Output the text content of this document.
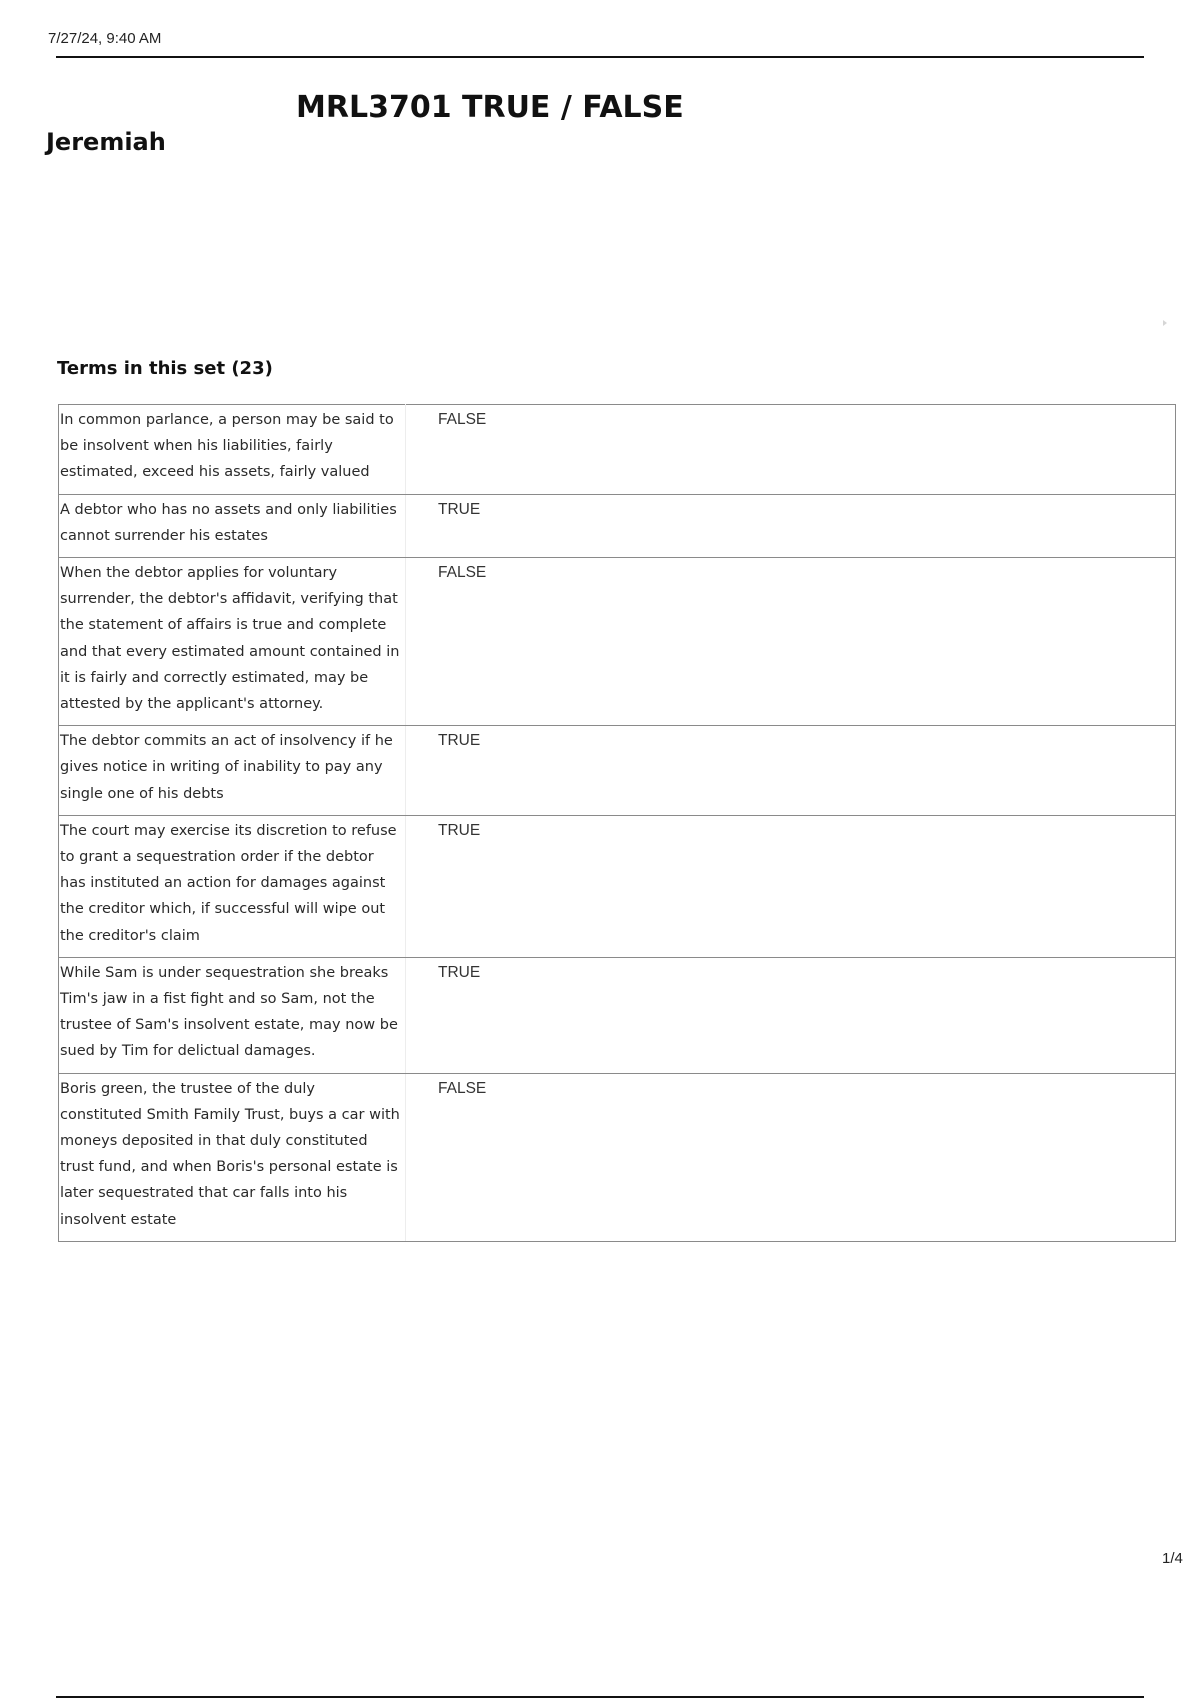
7/27/24, 9:40 AM
MRL3701 TRUE / FALSE
Jeremiah
Terms in this set (23)
In common parlance, a person may be said to be insolvent when his liabilities, fairly estimated, exceed his assets, fairly valued	FALSE

A debtor who has no assets and only liabilities cannot surrender his estates	TRUE

When the debtor applies for voluntary surrender, the debtor's affidavit, verifying that the statement of affairs is true and complete and that every estimated amount contained in it is fairly and correctly estimated, may be attested by the applicant's attorney.	FALSE

The debtor commits an act of insolvency if he gives notice in writing of inability to pay any single one of his debts	TRUE

The court may exercise its discretion to refuse to grant a sequestration order if the debtor has instituted an action for damages against the creditor which, if successful will wipe out the creditor's claim	TRUE

While Sam is under sequestration she breaks Tim's jaw in a fist fight and so Sam, not the trustee of Sam's insolvent estate, may now be sued by Tim for delictual damages.	TRUE

Boris green, the trustee of the duly constituted Smith Family Trust, buys a car with moneys deposited in that duly constituted trust fund, and when Boris's personal estate is later sequestrated that car falls into his insolvent estate	FALSE
1/4
